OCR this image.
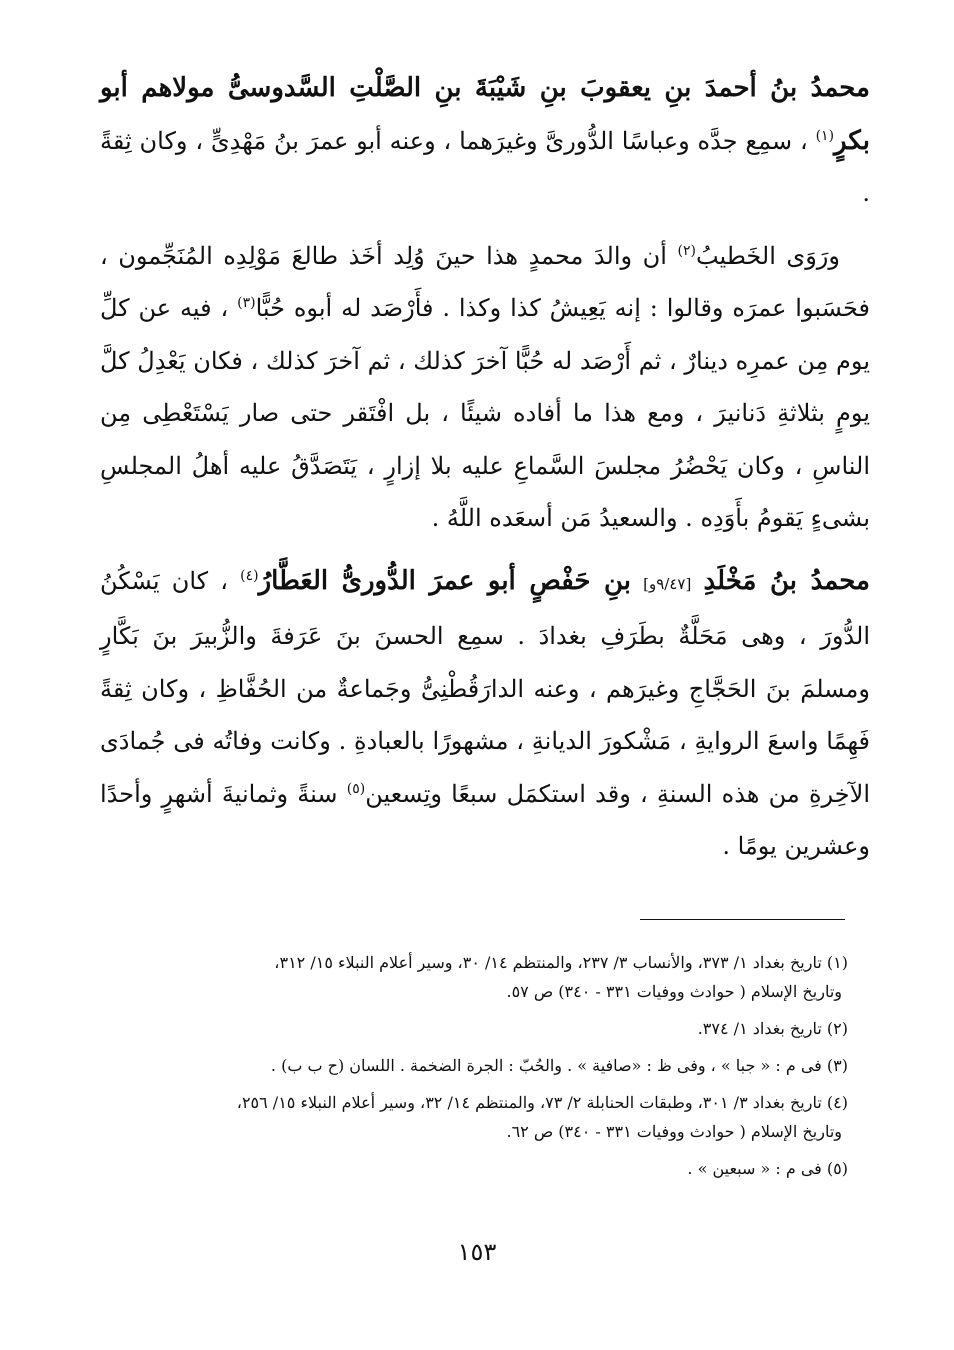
محمدُ بنُ أحمدَ بنِ يعقوبَ بنِ شَيْبَةَ بنِ الصَّلْتِ السَّدوسىُّ مولاهم أبو بكرٍ$^{(١)}$ ، سمِع جدَّه وعباسًا الدُّورىَّ وغيرَهما ، وعنه أبو عمرَ بنُ مَهْدِىٍّ ، وكان ثِقةً .

ورَوَى الخَطيبُ$^{(٢)}$ أن والدَ محمدٍ هذا حينَ وُلِد أخَذ طالعَ مَوْلِدِه المُنَجِّمون ، فحَسَبوا عمرَه وقالوا : إنه يَعِيشُ كذا وكذا . فأَرْصَد له أبوه حُبًّا$^{(٣)}$ ، فيه عن كلِّ يوم مِن عمرِه دينارٌ ، ثم أَرْصَد له حُبًّا آخرَ كذلك ، ثم آخرَ كذلك ، فكان يَعْدِلُ كلَّ يومٍ بثلاثةِ دَنانيرَ ، ومع هذا ما أفاده شيئًا ، بل افْتَقر حتى صار يَسْتَعْطِى مِن الناسِ ، وكان يَحْضُرُ مجلسَ السَّماعِ عليه بلا إزارٍ ، يَتَصَدَّقُ عليه أهلُ المجلسِ بشىءٍ يَقومُ بأَوَدِه . والسعيدُ مَن أسعَده اللَّهُ .

محمدُ بنُ مَخْلَدِ [٩/٤٧و] بنِ حَفْصٍ أبو عمرَ الدُّورىُّ العَطَّارُ$^{(٤)}$ ، كان يَسْكُنُ الدُّورَ ، وهى مَحَلَّةٌ بطَرَفِ بغدادَ . سمِع الحسنَ بنَ عَرَفةَ والزُّبيرَ بنَ بَكَّارٍ ومسلمَ بنَ الحَجَّاجِ وغيرَهم ، وعنه الدارَقُطْنِىُّ وجَماعةٌ من الحُفَّاظِ ، وكان ثِقةً فَهِمًا واسعَ الروايةِ ، مَشْكورَ الديانةِ ، مشهورًا بالعبادةِ . وكانت وفاتُه فى جُمادَى الآخِرةِ من هذه السنةِ ، وقد استكمَل سبعًا وتِسعين$^{(٥)}$ سنةً وثمانيةَ أشهرٍ وأحدًا وعشرين يومًا .

(١) تاريخ بغداد ١/ ٣٧٣، والأنساب ٣/ ٢٣٧، والمنتظم ١٤/ ٣٠، وسير أعلام النبلاء ١٥/ ٣١٢،
وتاريخ الإسلام ( حوادث ووفيات ٣٣١ - ٣٤٠) ص ٥٧.
(٢) تاريخ بغداد ١/ ٣٧٤.
(٣) فى م : « جبا » ، وفى ظ : «صافية » . والحُبّ : الجرة الضخمة . اللسان (ح ب ب) .
(٤) تاريخ بغداد ٣/ ٣٠١، وطبقات الحنابلة ٢/ ٧٣، والمنتظم ١٤/ ٣٢، وسير أعلام النبلاء ١٥/ ٢٥٦،
وتاريخ الإسلام ( حوادث ووفيات ٣٣١ - ٣٤٠) ص ٦٢.
(٥) فى م : « سبعين » .
١٥٣
